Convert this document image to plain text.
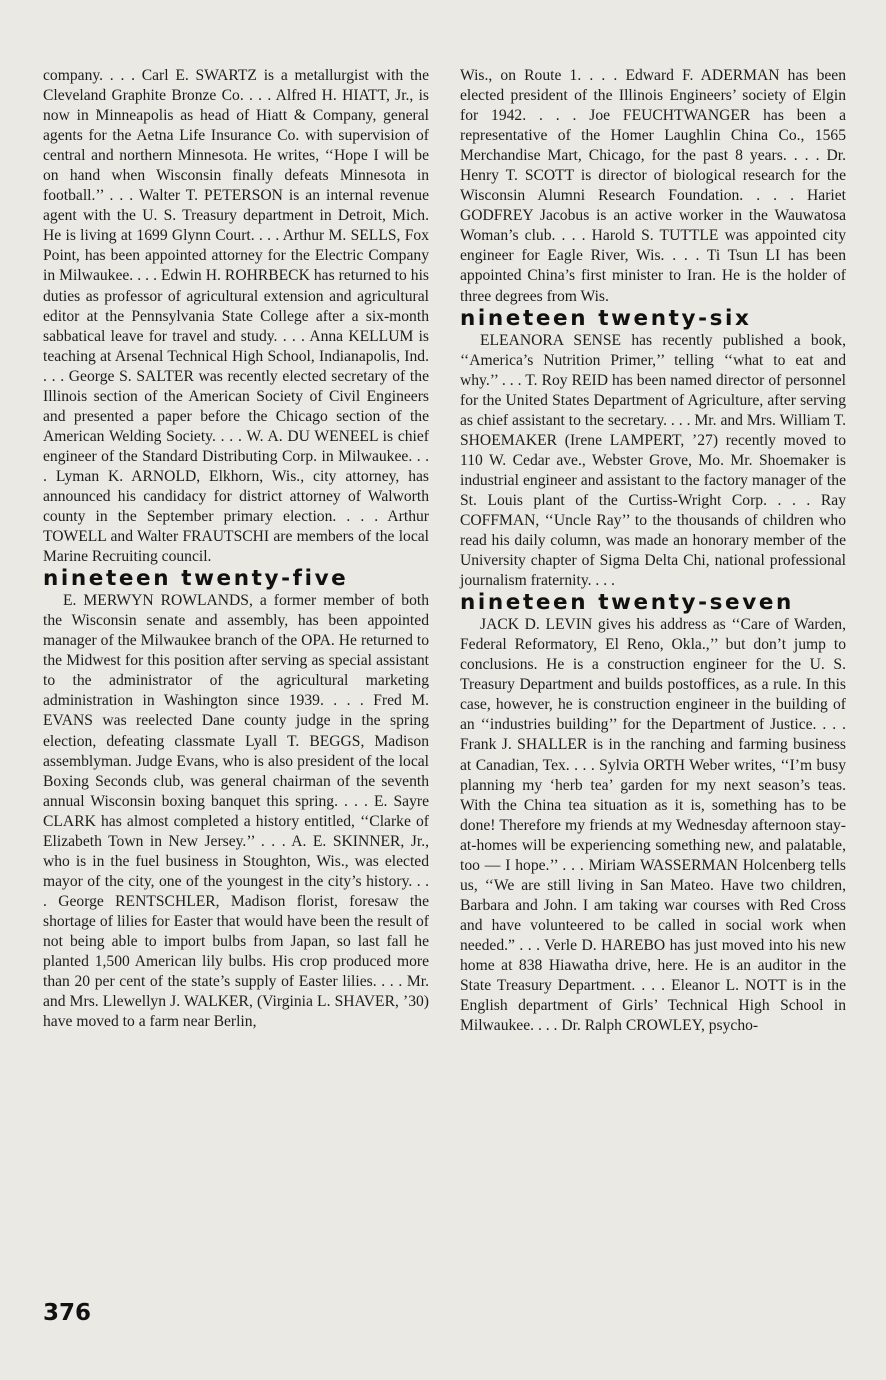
company. . . . Carl E. SWARTZ is a metallurgist with the Cleveland Graphite Bronze Co. . . . Alfred H. HIATT, Jr., is now in Minneapolis as head of Hiatt & Company, general agents for the Aetna Life Insurance Co. with supervision of central and northern Minnesota. He writes, ‘‘Hope I will be on hand when Wisconsin finally defeats Minnesota in football.’’ . . . Walter T. PETERSON is an internal revenue agent with the U. S. Treasury department in Detroit, Mich. He is living at 1699 Glynn Court. . . . Arthur M. SELLS, Fox Point, has been appointed attorney for the Electric Company in Milwaukee. . . . Edwin H. ROHRBECK has returned to his duties as professor of agricultural extension and agricultural editor at the Pennsylvania State College after a six-month sabbatical leave for travel and study. . . . Anna KELLUM is teaching at Arsenal Technical High School, Indianapolis, Ind. . . . George S. SALTER was recently elected secretary of the Illinois section of the American Society of Civil Engineers and presented a paper before the Chicago section of the American Welding Society. . . . W. A. DU WENEEL is chief engineer of the Standard Distributing Corp. in Milwaukee. . . . Lyman K. ARNOLD, Elkhorn, Wis., city attorney, has announced his candidacy for district attorney of Walworth county in the September primary election. . . . Arthur TOWELL and Walter FRAUTSCHI are members of the local Marine Recruiting council.

nineteen twenty-five

E. MERWYN ROWLANDS, a former member of both the Wisconsin senate and assembly, has been appointed manager of the Milwaukee branch of the OPA. He returned to the Midwest for this position after serving as special assistant to the administrator of the agricultural marketing administration in Washington since 1939. . . . Fred M. EVANS was reelected Dane county judge in the spring election, defeating classmate Lyall T. BEGGS, Madison assemblyman. Judge Evans, who is also president of the local Boxing Seconds club, was general chairman of the seventh annual Wisconsin boxing banquet this spring. . . . E. Sayre CLARK has almost completed a history entitled, ‘‘Clarke of Elizabeth Town in New Jersey.’’ . . . A. E. SKINNER, Jr., who is in the fuel business in Stoughton, Wis., was elected mayor of the city, one of the youngest in the city’s history. . . . George RENTSCHLER, Madison florist, foresaw the shortage of lilies for Easter that would have been the result of not being able to import bulbs from Japan, so last fall he planted 1,500 American lily bulbs. His crop produced more than 20 per cent of the state’s supply of Easter lilies. . . . Mr. and Mrs. Llewellyn J. WALKER, (Virginia L. SHAVER, ’30) have moved to a farm near Berlin,

Wis., on Route 1. . . . Edward F. ADERMAN has been elected president of the Illinois Engineers’ society of Elgin for 1942. . . . Joe FEUCHTWANGER has been a representative of the Homer Laughlin China Co., 1565 Merchandise Mart, Chicago, for the past 8 years. . . . Dr. Henry T. SCOTT is director of biological research for the Wisconsin Alumni Research Foundation. . . . Hariet GODFREY Jacobus is an active worker in the Wauwatosa Woman’s club. . . . Harold S. TUTTLE was appointed city engineer for Eagle River, Wis. . . . Ti Tsun LI has been appointed China’s first minister to Iran. He is the holder of three degrees from Wis.

nineteen twenty-six

ELEANORA SENSE has recently published a book, ‘‘America’s Nutrition Primer,’’ telling ‘‘what to eat and why.’’ . . . T. Roy REID has been named director of personnel for the United States Department of Agriculture, after serving as chief assistant to the secretary. . . . Mr. and Mrs. William T. SHOEMAKER (Irene LAMPERT, ’27) recently moved to 110 W. Cedar ave., Webster Grove, Mo. Mr. Shoemaker is industrial engineer and assistant to the factory manager of the St. Louis plant of the Curtiss-Wright Corp. . . . Ray COFFMAN, ‘‘Uncle Ray’’ to the thousands of children who read his daily column, was made an honorary member of the University chapter of Sigma Delta Chi, national professional journalism fraternity. . . .

nineteen twenty-seven

JACK D. LEVIN gives his address as ‘‘Care of Warden, Federal Reformatory, El Reno, Okla.,’’ but don’t jump to conclusions. He is a construction engineer for the U. S. Treasury Department and builds postoffices, as a rule. In this case, however, he is construction engineer in the building of an ‘‘industries building’’ for the Department of Justice. . . . Frank J. SHALLER is in the ranching and farming business at Canadian, Tex. . . . Sylvia ORTH Weber writes, ‘‘I’m busy planning my ‘herb tea’ garden for my next season’s teas. With the China tea situation as it is, something has to be done! Therefore my friends at my Wednesday afternoon stay-at-homes will be experiencing something new, and palatable, too — I hope.’’ . . . Miriam WASSERMAN Holcenberg tells us, ‘‘We are still living in San Mateo. Have two children, Barbara and John. I am taking war courses with Red Cross and have volunteered to be called in social work when needed.” . . . Verle D. HAREBO has just moved into his new home at 838 Hiawatha drive, here. He is an auditor in the State Treasury Department. . . . Eleanor L. NOTT is in the English department of Girls’ Technical High School in Milwaukee. . . . Dr. Ralph CROWLEY, psycho-

376
